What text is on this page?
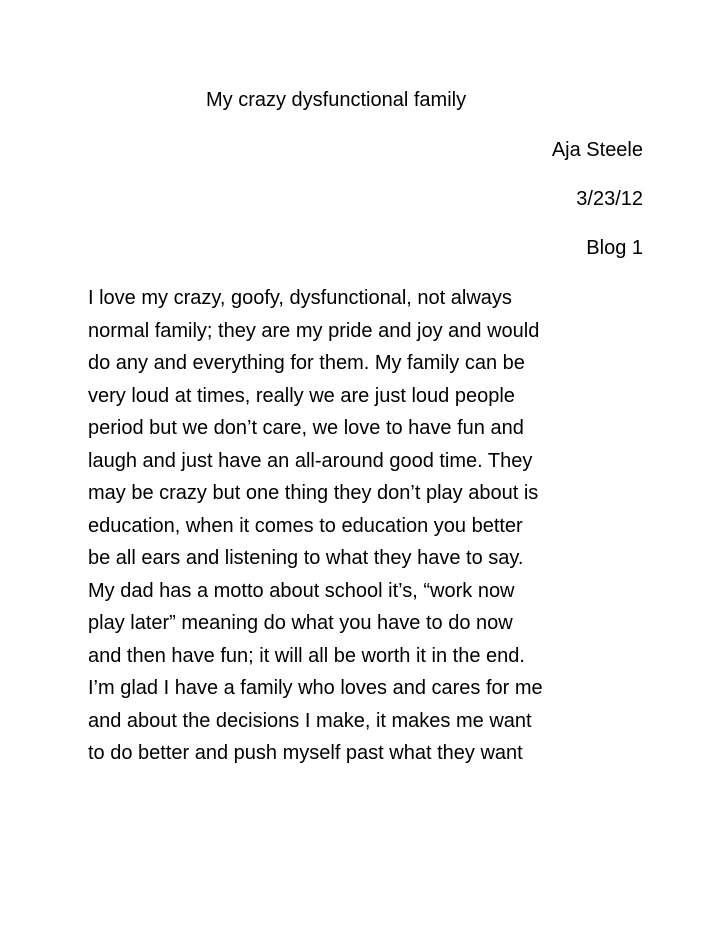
My crazy dysfunctional family
Aja Steele
3/23/12
Blog 1
I love my crazy, goofy, dysfunctional, not always
normal family; they are my pride and joy and would
do any and everything for them. My family can be
very loud at times, really we are just loud people
period but we don’t care, we love to have fun and
laugh and just have an all-around good time. They
may be crazy but one thing they don’t play about is
education, when it comes to education you better
be all ears and listening to what they have to say.
My dad has a motto about school it’s, “work now
play later” meaning do what you have to do now
and then have fun; it will all be worth it in the end.
I’m glad I have a family who loves and cares for me
and about the decisions I make, it makes me want
to do better and push myself past what they want
